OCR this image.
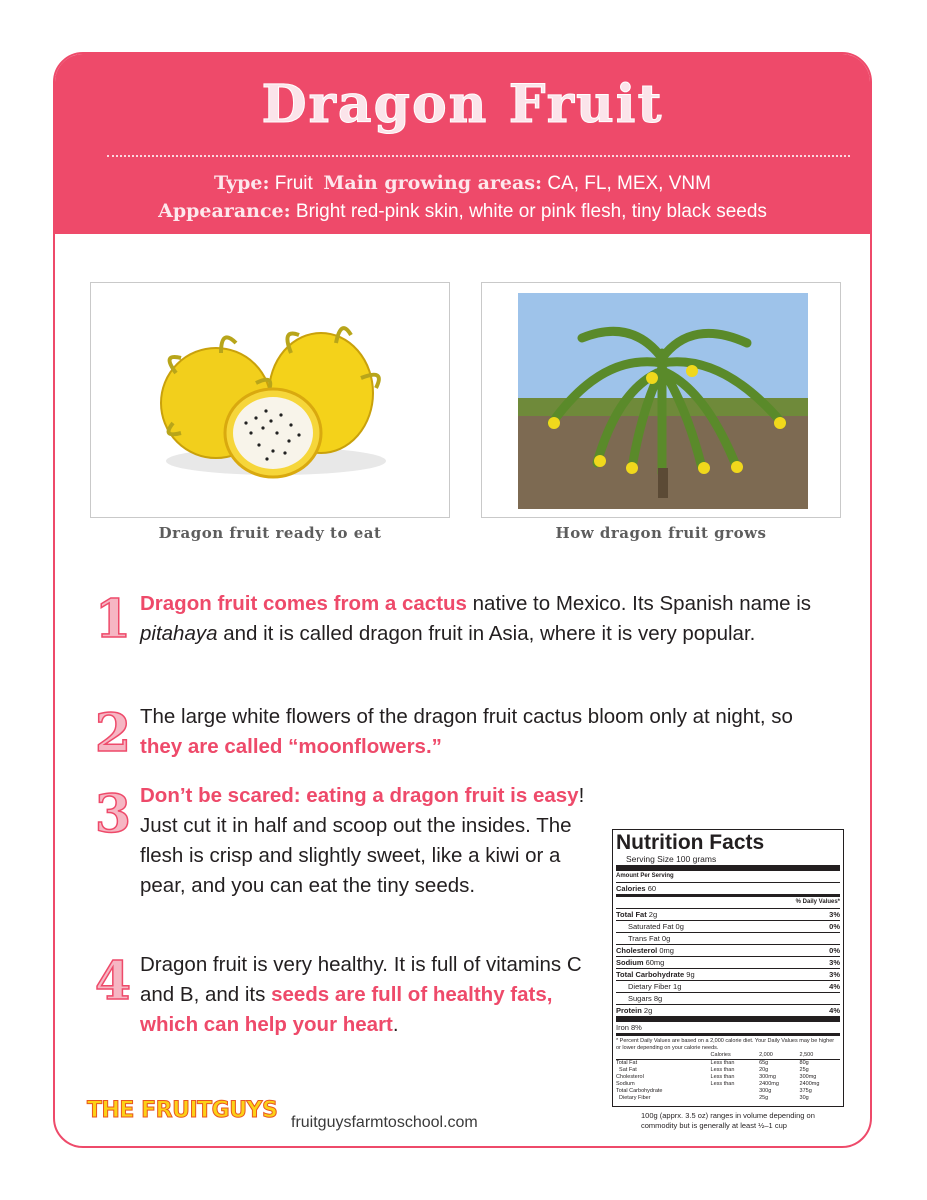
Dragon Fruit
Type: Fruit Main growing areas: CA, FL, MEX, VNM
Appearance: Bright red-pink skin, white or pink flesh, tiny black seeds
Dragon fruit ready to eat	How dragon fruit grows
1 Dragon fruit comes from a cactus native to Mexico. Its Spanish name is pitahaya and it is called dragon fruit in Asia, where it is very popular.
2 The large white flowers of the dragon fruit cactus bloom only at night, so they are called “moonflowers.”
3 Don’t be scared: eating a dragon fruit is easy! Just cut it in half and scoop out the insides. The flesh is crisp and slightly sweet, like a kiwi or a pear, and you can eat the tiny seeds.
4 Dragon fruit is very healthy. It is full of vitamins C and B, and its seeds are full of healthy fats, which can help your heart.
Nutrition Facts
Serving Size 100 grams
Amount Per Serving
Calories 60
% Daily Values*
Total Fat 2g	3%
Saturated Fat 0g	0%
Trans Fat 0g
Cholesterol 0mg	0%
Sodium 60mg	3%
Total Carbohydrate 9g	3%
Dietary Fiber 1g	4%
Sugars 8g
Protein 2g	4%
Iron 8%
* Percent Daily Values are based on a 2,000 calorie diet. Your Daily Values may be higher or lower depending on your calorie needs.
	Calories	2,000	2,500
Total Fat	Less than	65g	80g
Sat Fat	Less than	20g	25g
Cholesterol	Less than	300mg	300mg
Sodium	Less than	2400mg	2400mg
Total Carbohydrate		300g	375g
Dietary Fiber		25g	30g
100g (apprx. 3.5 oz) ranges in volume depending on commodity but is generally at least ½–1 cup
THE FRUITGUYS fruitguysfarmtoschool.com
